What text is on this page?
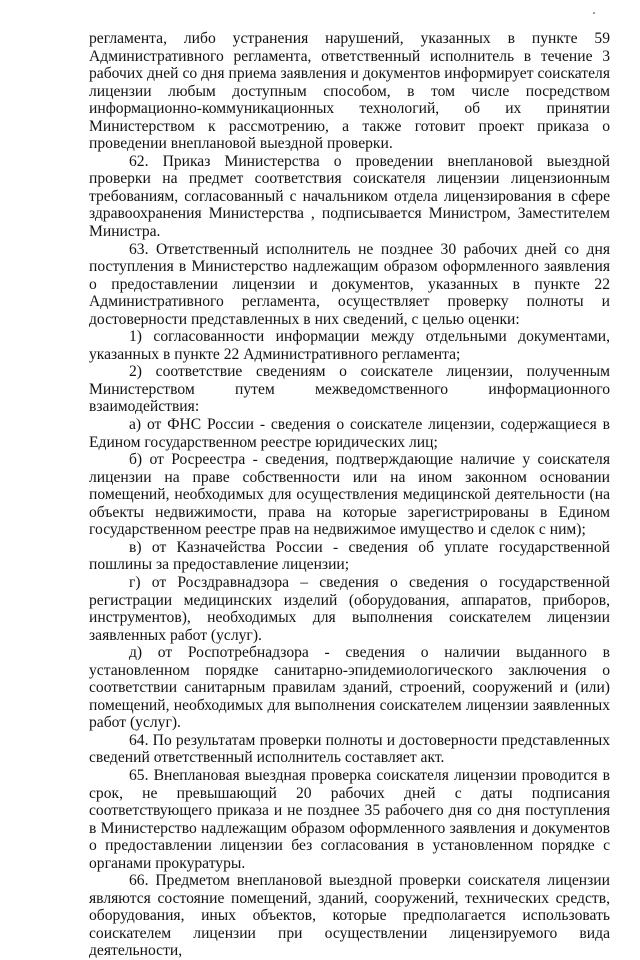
регламента, либо устранения нарушений, указанных в пункте 59 Административного регламента, ответственный исполнитель в течение 3 рабочих дней со дня приема заявления и документов информирует соискателя лицензии любым доступным способом, в том числе посредством информационно-коммуникационных технологий, об их принятии Министерством к рассмотрению, а также готовит проект приказа о проведении внеплановой выездной проверки.

62. Приказ Министерства о проведении внеплановой выездной проверки на предмет соответствия соискателя лицензии лицензионным требованиям, согласованный с начальником отдела лицензирования в сфере здравоохранения Министерства , подписывается Министром, Заместителем Министра.

63. Ответственный исполнитель не позднее 30 рабочих дней со дня поступления в Министерство надлежащим образом оформленного заявления о предоставлении лицензии и документов, указанных в пункте 22 Административного регламента, осуществляет проверку полноты и достоверности представленных в них сведений, с целью оценки:

1) согласованности информации между отдельными документами, указанных в пункте 22 Административного регламента;

2) соответствие сведениям о соискателе лицензии, полученным Министерством путем межведомственного информационного взаимодействия:

а) от ФНС России - сведения о соискателе лицензии, содержащиеся в Едином государственном реестре юридических лиц;

б) от Росреестра - сведения, подтверждающие наличие у соискателя лицензии на праве собственности или на ином законном основании помещений, необходимых для осуществления медицинской деятельности (на объекты недвижимости, права на которые зарегистрированы в Едином государственном реестре прав на недвижимое имущество и сделок с ним);

в) от Казначейства России - сведения об уплате государственной пошлины за предоставление лицензии;

г) от Росздравнадзора – сведения о сведения о государственной регистрации медицинских изделий (оборудования, аппаратов, приборов, инструментов), необходимых для выполнения соискателем лицензии заявленных работ (услуг).

д) от Роспотребнадзора - сведения о наличии выданного в установленном порядке санитарно-эпидемиологического заключения о соответствии санитарным правилам зданий, строений, сооружений и (или) помещений, необходимых для выполнения соискателем лицензии заявленных работ (услуг).

64. По результатам проверки полноты и достоверности представленных сведений ответственный исполнитель составляет акт.

65. Внеплановая выездная проверка соискателя лицензии проводится в срок, не превышающий 20 рабочих дней с даты подписания соответствующего приказа и не позднее 35 рабочего дня со дня поступления в Министерство надлежащим образом оформленного заявления и документов о предоставлении лицензии без согласования в установленном порядке с органами прокуратуры.

66. Предметом внеплановой выездной проверки соискателя лицензии являются состояние помещений, зданий, сооружений, технических средств, оборудования, иных объектов, которые предполагается использовать соискателем лицензии при осуществлении лицензируемого вида деятельности,
